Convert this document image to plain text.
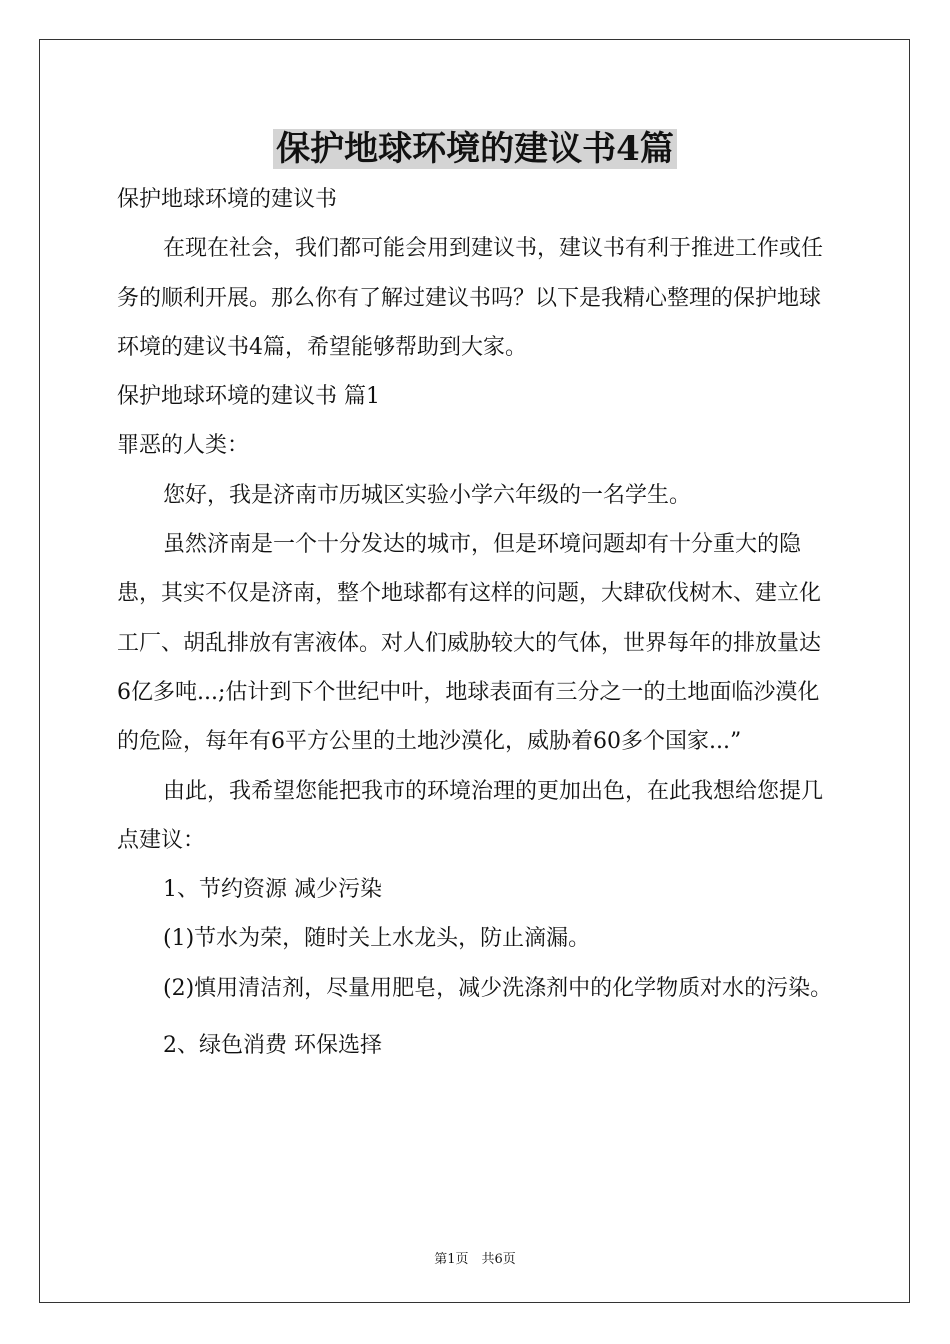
保护地球环境的建议书4篇

保护地球环境的建议书

在现在社会，我们都可能会用到建议书，建议书有利于推进工作或任务的顺利开展。那么你有了解过建议书吗？以下是我精心整理的保护地球环境的建议书4篇，希望能够帮助到大家。

保护地球环境的建议书 篇1

罪恶的人类：

您好，我是济南市历城区实验小学六年级的一名学生。

虽然济南是一个十分发达的城市，但是环境问题却有十分重大的隐患，其实不仅是济南，整个地球都有这样的问题，大肆砍伐树木、建立化工厂、胡乱排放有害液体。对人们威胁较大的气体，世界每年的排放量达6亿多吨...;估计到下个世纪中叶，地球表面有三分之一的土地面临沙漠化的危险，每年有6平方公里的土地沙漠化，威胁着60多个国家...”

由此，我希望您能把我市的环境治理的更加出色，在此我想给您提几点建议：

1、节约资源 减少污染

(1)节水为荣，随时关上水龙头，防止滴漏。

(2)慎用清洁剂，尽量用肥皂，减少洗涤剂中的化学物质对水的污染。

2、绿色消费 环保选择

第1页　共6页
